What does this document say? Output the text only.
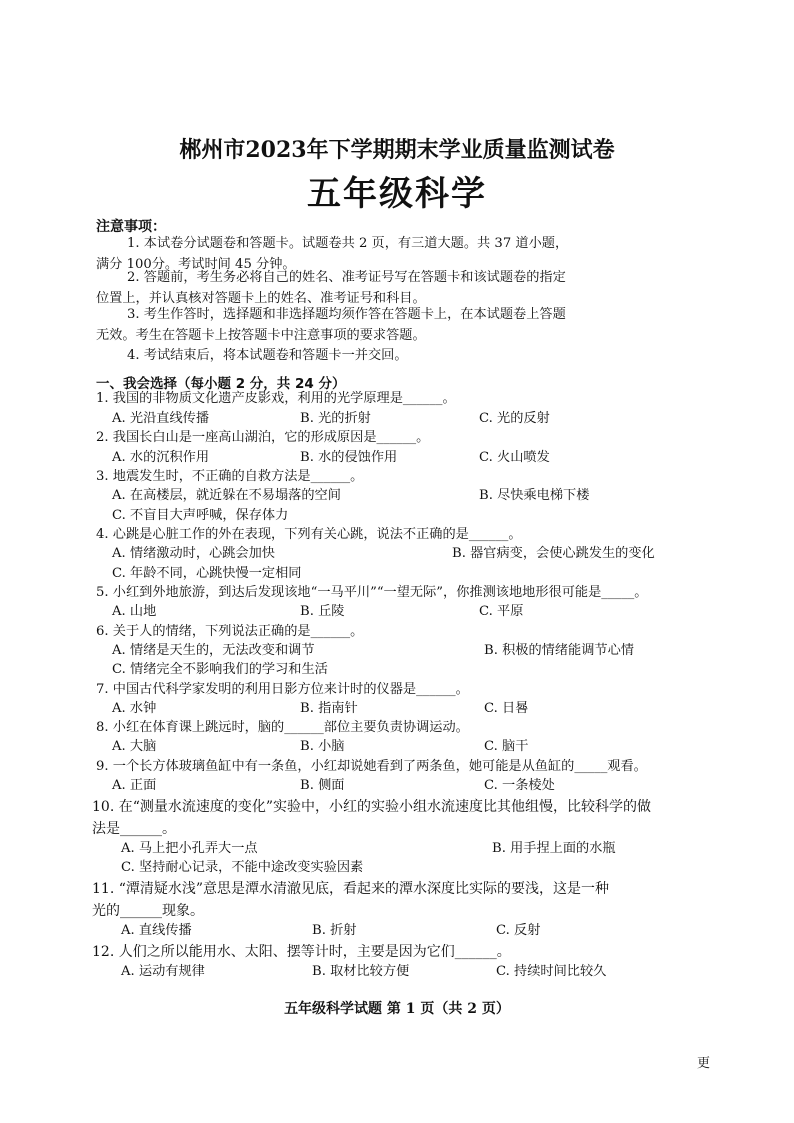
郴州市2023年下学期期末学业质量监测试卷
五年级科学
注意事项：
1. 本试卷分试题卷和答题卡。试题卷共 2 页，有三道大题。共 37 道小题，
满分 100分。考试时间 45 分钟。
2. 答题前，考生务必将自己的姓名、准考证号写在答题卡和该试题卷的指定
位置上，并认真核对答题卡上的姓名、准考证号和科目。
3. 考生作答时，选择题和非选择题均须作答在答题卡上，在本试题卷上答题
无效。考生在答题卡上按答题卡中注意事项的要求答题。
4. 考试结束后，将本试题卷和答题卡一并交回。
一、我会选择（每小题 2 分，共 24 分）
1. 我国的非物质文化遗产皮影戏，利用的光学原理是______。
A. 光沿直线传播	B. 光的折射	C. 光的反射
2. 我国长白山是一座高山湖泊，它的形成原因是______。
A. 水的沉积作用	B. 水的侵蚀作用	C. 火山喷发
3. 地震发生时，不正确的自救方法是______。
A. 在高楼层，就近躲在不易塌落的空间	B. 尽快乘电梯下楼
C. 不盲目大声呼喊，保存体力
4. 心跳是心脏工作的外在表现，下列有关心跳，说法不正确的是______。
A. 情绪激动时，心跳会加快	B. 器官病变，会使心跳发生的变化
C. 年龄不同，心跳快慢一定相同
5. 小红到外地旅游，到达后发现该地“一马平川”“一望无际”，你推测该地地形很可能是_____。
A. 山地	B. 丘陵	C. 平原
6. 关于人的情绪，下列说法正确的是______。
A. 情绪是天生的，无法改变和调节	B. 积极的情绪能调节心情
C. 情绪完全不影响我们的学习和生活
7. 中国古代科学家发明的利用日影方位来计时的仪器是______。
A. 水钟	B. 指南针	C. 日晷
8. 小红在体育课上跳远时，脑的______部位主要负责协调运动。
A. 大脑	B. 小脑	C. 脑干
9. 一个长方体玻璃鱼缸中有一条鱼，小红却说她看到了两条鱼，她可能是从鱼缸的_____观看。
A. 正面	B. 侧面	C. 一条棱处
10. 在“测量水流速度的变化”实验中，小红的实验小组水流速度比其他组慢，比较科学的做
法是______。
A. 马上把小孔弄大一点	B. 用手捏上面的水瓶
C. 坚持耐心记录，不能中途改变实验因素
11. “潭清疑水浅”意思是潭水清澈见底，看起来的潭水深度比实际的要浅，这是一种
光的______现象。
A. 直线传播	B. 折射	C. 反射
12. 人们之所以能用水、太阳、摆等计时，主要是因为它们______。
A. 运动有规律	B. 取材比较方便	C. 持续时间比较久
五年级科学试题 第 1 页（共 2 页）
更
